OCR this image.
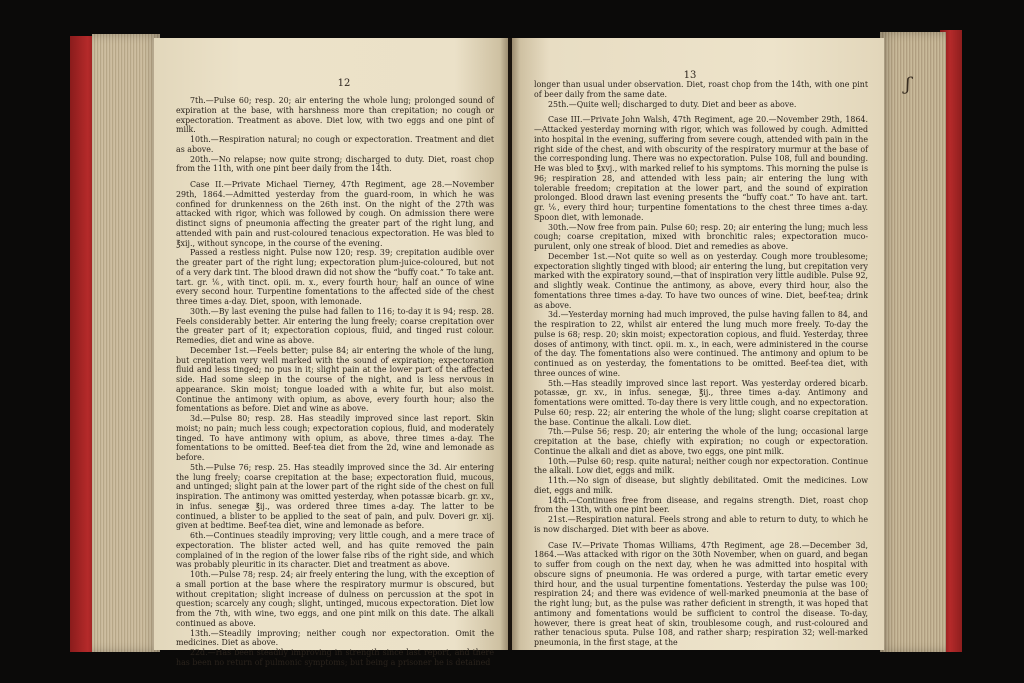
12

7th.—Pulse 60; resp. 20; air entering the whole lung; prolonged sound of expiration at the base, with harshness more than crepitation; no cough or expectoration. Treatment as above. Diet low, with two eggs and one pint of milk.

10th.—Respiration natural; no cough or expectoration. Treatment and diet as above.

20th.—No relapse; now quite strong; discharged to duty. Diet, roast chop from the 11th, with one pint beer daily from the 14th.

Case II.—Private Michael Tierney, 47th Regiment, age 28.—November 29th, 1864.—Admitted yesterday from the guard-room, in which he was confined for drunkenness on the 26th inst. On the night of the 27th was attacked with rigor, which was followed by cough. On admission there were distinct signs of pneumonia affecting the greater part of the right lung, and attended with pain and rust-coloured tenacious expectoration. He was bled to ℥xij., without syncope, in the course of the evening.

Passed a restless night. Pulse now 120; resp. 39; crepitation audible over the greater part of the right lung; expectoration plum-juice-coloured, but not of a very dark tint. The blood drawn did not show the “buffy coat.” To take ant. tart. gr. ⅙, with tinct. opii. m. x., every fourth hour; half an ounce of wine every second hour. Turpentine fomentations to the affected side of the chest three times a-day. Diet, spoon, with lemonade.

30th.—By last evening the pulse had fallen to 116; to-day it is 94; resp. 28. Feels considerably better. Air entering the lung freely; coarse crepitation over the greater part of it; expectoration copious, fluid, and tinged rust colour. Remedies, diet and wine as above.

December 1st.—Feels better; pulse 84; air entering the whole of the lung, but crepitation very well marked with the sound of expiration; expectoration fluid and less tinged; no pus in it; slight pain at the lower part of the affected side. Had some sleep in the course of the night, and is less nervous in appearance. Skin moist; tongue loaded with a white fur, but also moist. Continue the antimony with opium, as above, every fourth hour; also the fomentations as before. Diet and wine as above.

3d.—Pulse 80; resp. 28. Has steadily improved since last report. Skin moist; no pain; much less cough; expectoration copious, fluid, and moderately tinged. To have antimony with opium, as above, three times a-day. The fomentations to be omitted. Beef-tea diet from the 2d, wine and lemonade as before.

5th.—Pulse 76; resp. 25. Has steadily improved since the 3d. Air entering the lung freely; coarse crepitation at the base; expectoration fluid, mucous, and untinged; slight pain at the lower part of the right side of the chest on full inspiration. The antimony was omitted yesterday, when potassæ bicarb. gr. xv., in infus. senegæ ℥ij., was ordered three times a-day. The latter to be continued, a blister to be applied to the seat of pain, and pulv. Doveri gr. xij. given at bedtime. Beef-tea diet, wine and lemonade as before.

6th.—Continues steadily improving; very little cough, and a mere trace of expectoration. The blister acted well, and has quite removed the pain complained of in the region of the lower false ribs of the right side, and which was probably pleuritic in its character. Diet and treatment as above.

10th.—Pulse 78; resp. 24; air freely entering the lung, with the exception of a small portion at the base where the respiratory murmur is obscured, but without crepitation; slight increase of dulness on percussion at the spot in question; scarcely any cough; slight, untinged, mucous expectoration. Diet low from the 7th, with wine, two eggs, and one pint milk on this date. The alkali continued as above.

13th.—Steadily improving; neither cough nor expectoration. Omit the medicines. Diet as above.

22d.—Has been steadily improving in strength since last report, and there has been no return of pulmonic symptoms; but being a prisoner he is detained

13

longer than usual under observation. Diet, roast chop from the 14th, with one pint of beer daily from the same date.

25th.—Quite well; discharged to duty. Diet and beer as above.

Case III.—Private John Walsh, 47th Regiment, age 20.—November 29th, 1864.—Attacked yesterday morning with rigor, which was followed by cough. Admitted into hospital in the evening, suffering from severe cough, attended with pain in the right side of the chest, and with obscurity of the respiratory murmur at the base of the corresponding lung. There was no expectoration. Pulse 108, full and bounding. He was bled to ℥xvj., with marked relief to his symptoms. This morning the pulse is 96; respiration 28, and attended with less pain; air entering the lung with tolerable freedom; crepitation at the lower part, and the sound of expiration prolonged. Blood drawn last evening presents the “buffy coat.” To have ant. tart. gr. ⅙, every third hour; turpentine fomentations to the chest three times a-day. Spoon diet, with lemonade.

30th.—Now free from pain. Pulse 60; resp. 20; air entering the lung; much less cough; coarse crepitation, mixed with bronchitic rales; expectoration muco-purulent, only one streak of blood. Diet and remedies as above.

December 1st.—Not quite so well as on yesterday. Cough more troublesome; expectoration slightly tinged with blood; air entering the lung, but crepitation very marked with the expiratory sound,—that of inspiration very little audible. Pulse 92, and slightly weak. Continue the antimony, as above, every third hour, also the fomentations three times a-day. To have two ounces of wine. Diet, beef-tea; drink as above.

3d.—Yesterday morning had much improved, the pulse having fallen to 84, and the respiration to 22, whilst air entered the lung much more freely. To-day the pulse is 68; resp. 20; skin moist; expectoration copious, and fluid. Yesterday, three doses of antimony, with tinct. opii. m. x., in each, were administered in the course of the day. The fomentations also were continued. The antimony and opium to be continued as on yesterday, the fomentations to be omitted. Beef-tea diet, with three ounces of wine.

5th.—Has steadily improved since last report. Was yesterday ordered bicarb. potassæ, gr. xv., in infus. senegæ, ℥ij., three times a-day. Antimony and fomentations were omitted. To-day there is very little cough, and no expectoration. Pulse 60; resp. 22; air entering the whole of the lung; slight coarse crepitation at the base. Continue the alkali. Low diet.

7th.—Pulse 56; resp. 20; air entering the whole of the lung; occasional large crepitation at the base, chiefly with expiration; no cough or expectoration. Continue the alkali and diet as above, two eggs, one pint milk.

10th.—Pulse 60; resp. quite natural; neither cough nor expectoration. Continue the alkali. Low diet, eggs and milk.

11th.—No sign of disease, but slightly debilitated. Omit the medicines. Low diet, eggs and milk.

14th.—Continues free from disease, and regains strength. Diet, roast chop from the 13th, with one pint beer.

21st.—Respiration natural. Feels strong and able to return to duty, to which he is now discharged. Diet with beer as above.

Case IV.—Private Thomas Williams, 47th Regiment, age 28.—December 3d, 1864.—Was attacked with rigor on the 30th November, when on guard, and began to suffer from cough on the next day, when he was admitted into hospital with obscure signs of pneumonia. He was ordered a purge, with tartar emetic every third hour, and the usual turpentine fomentations. Yesterday the pulse was 100; respiration 24; and there was evidence of well-marked pneumonia at the base of the right lung; but, as the pulse was rather deficient in strength, it was hoped that antimony and fomentations would be sufficient to control the disease. To-day, however, there is great heat of skin, troublesome cough, and rust-coloured and rather tenacious sputa. Pulse 108, and rather sharp; respiration 32; well-marked pneumonia, in the first stage, at the

ʃ
